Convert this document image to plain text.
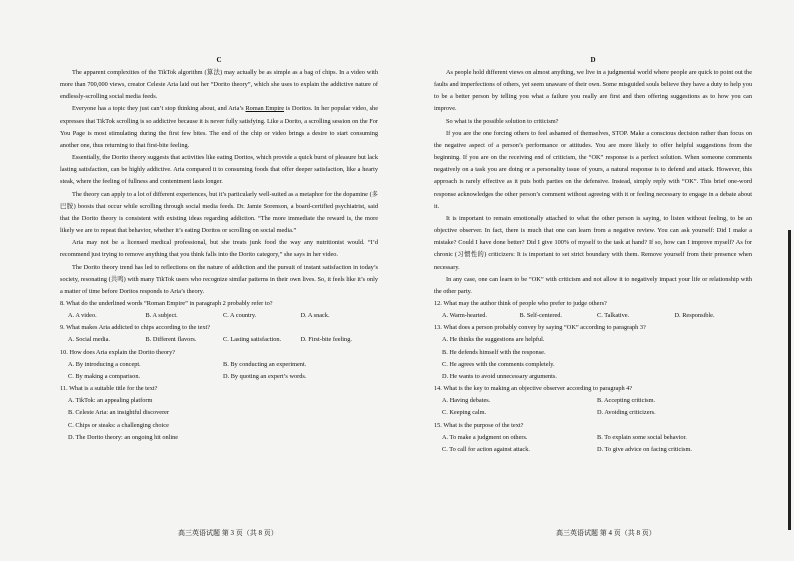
C

The apparent complexities of the TikTok algorithm (算法) may actually be as simple as a bag of chips. In a video with more than 700,000 views, creator Celeste Aria laid out her “Dorito theory”, which she uses to explain the addictive nature of endlessly-scrolling social media feeds.

Everyone has a topic they just can’t stop thinking about, and Aria’s Roman Empire is Doritos. In her popular video, she expresses that TikTok scrolling is so addictive because it is never fully satisfying. Like a Dorito, a scrolling session on the For You Page is most stimulating during the first few bites. The end of the chip or video brings a desire to start consuming another one, thus returning to that first-bite feeling.

Essentially, the Dorito theory suggests that activities like eating Doritos, which provide a quick burst of pleasure but lack lasting satisfaction, can be highly addictive. Aria compared it to consuming foods that offer deeper satisfaction, like a hearty steak, where the feeling of fullness and contentment lasts longer.

The theory can apply to a lot of different experiences, but it’s particularly well-suited as a metaphor for the dopamine (多巴胺) boosts that occur while scrolling through social media feeds. Dr. Jamie Sorenson, a board-certified psychiatrist, said that the Dorito theory is consistent with existing ideas regarding addiction. “The more immediate the reward is, the more likely we are to repeat that behavior, whether it’s eating Doritos or scrolling on social media.”

Aria may not be a licensed medical professional, but she treats junk food the way any nutritionist would. “I’d recommend just trying to remove anything that you think falls into the Dorito category,” she says in her video.

The Dorito theory trend has led to reflections on the nature of addiction and the pursuit of instant satisfaction in today’s society, resonating (共鸣) with many TikTok users who recognize similar patterns in their own lives. So, it feels like it’s only a matter of time before Doritos responds to Aria’s theory.

8. What do the underlined words “Roman Empire” in paragraph 2 probably refer to?

A. A video.	B. A subject.	C. A country.	D. A snack.

9. What makes Aria addicted to chips according to the text?

A. Social media.	B. Different flavors.	C. Lasting satisfaction.	D. First-bite feeling.

10. How does Aria explain the Dorito theory?

A. By introducing a concept.	B. By conducting an experiment.
C. By making a comparison.	D. By quoting an expert’s words.

11. What is a suitable title for the text?

A. TikTok: an appealing platform
B. Celeste Aria: an insightful discoverer
C. Chips or steaks: a challenging choice
D. The Dorito theory: an ongoing hit online
高三英语试题 第 3 页（共 8 页）
D

As people hold different views on almost anything, we live in a judgmental world where people are quick to point out the faults and imperfections of others, yet seem unaware of their own. Some misguided souls believe they have a duty to help you to be a better person by telling you what a failure you really are first and then offering suggestions as to how you can improve.

So what is the possible solution to criticism?

If you are the one forcing others to feel ashamed of themselves, STOP. Make a conscious decision rather than focus on the negative aspect of a person’s performance or attitudes. You are more likely to offer helpful suggestions from the beginning. If you are on the receiving end of criticism, the “OK” response is a perfect solution. When someone comments negatively on a task you are doing or a personality issue of yours, a natural response is to defend and attack. However, this approach is rarely effective as it puts both parties on the defensive. Instead, simply reply with “OK”. This brief one-word response acknowledges the other person’s comment without agreeing with it or feeling necessary to engage in a debate about it.

It is important to remain emotionally attached to what the other person is saying, to listen without feeling, to be an objective observer. In fact, there is much that one can learn from a negative review. You can ask yourself: Did I make a mistake? Could I have done better? Did I give 100% of myself to the task at hand? If so, how can I improve myself? As for chronic (习惯性的) criticizers: It is important to set strict boundary with them. Remove yourself from their presence when necessary.

In any case, one can learn to be “OK” with criticism and not allow it to negatively impact your life or relationship with the other party.

12. What may the author think of people who prefer to judge others?

A. Warm-hearted.	B. Self-centered.	C. Talkative.	D. Responsible.

13. What does a person probably convey by saying “OK” according to paragraph 3?

A. He thinks the suggestions are helpful.
B. He defends himself with the response.
C. He agrees with the comments completely.
D. He wants to avoid unnecessary arguments.

14. What is the key to making an objective observer according to paragraph 4?

A. Having debates.	B. Accepting criticism.
C. Keeping calm.	D. Avoiding criticizers.

15. What is the purpose of the text?

A. To make a judgment on others.	B. To explain some social behavior.
C. To call for action against attack.	D. To give advice on facing criticism.
高三英语试题 第 4 页（共 8 页）
